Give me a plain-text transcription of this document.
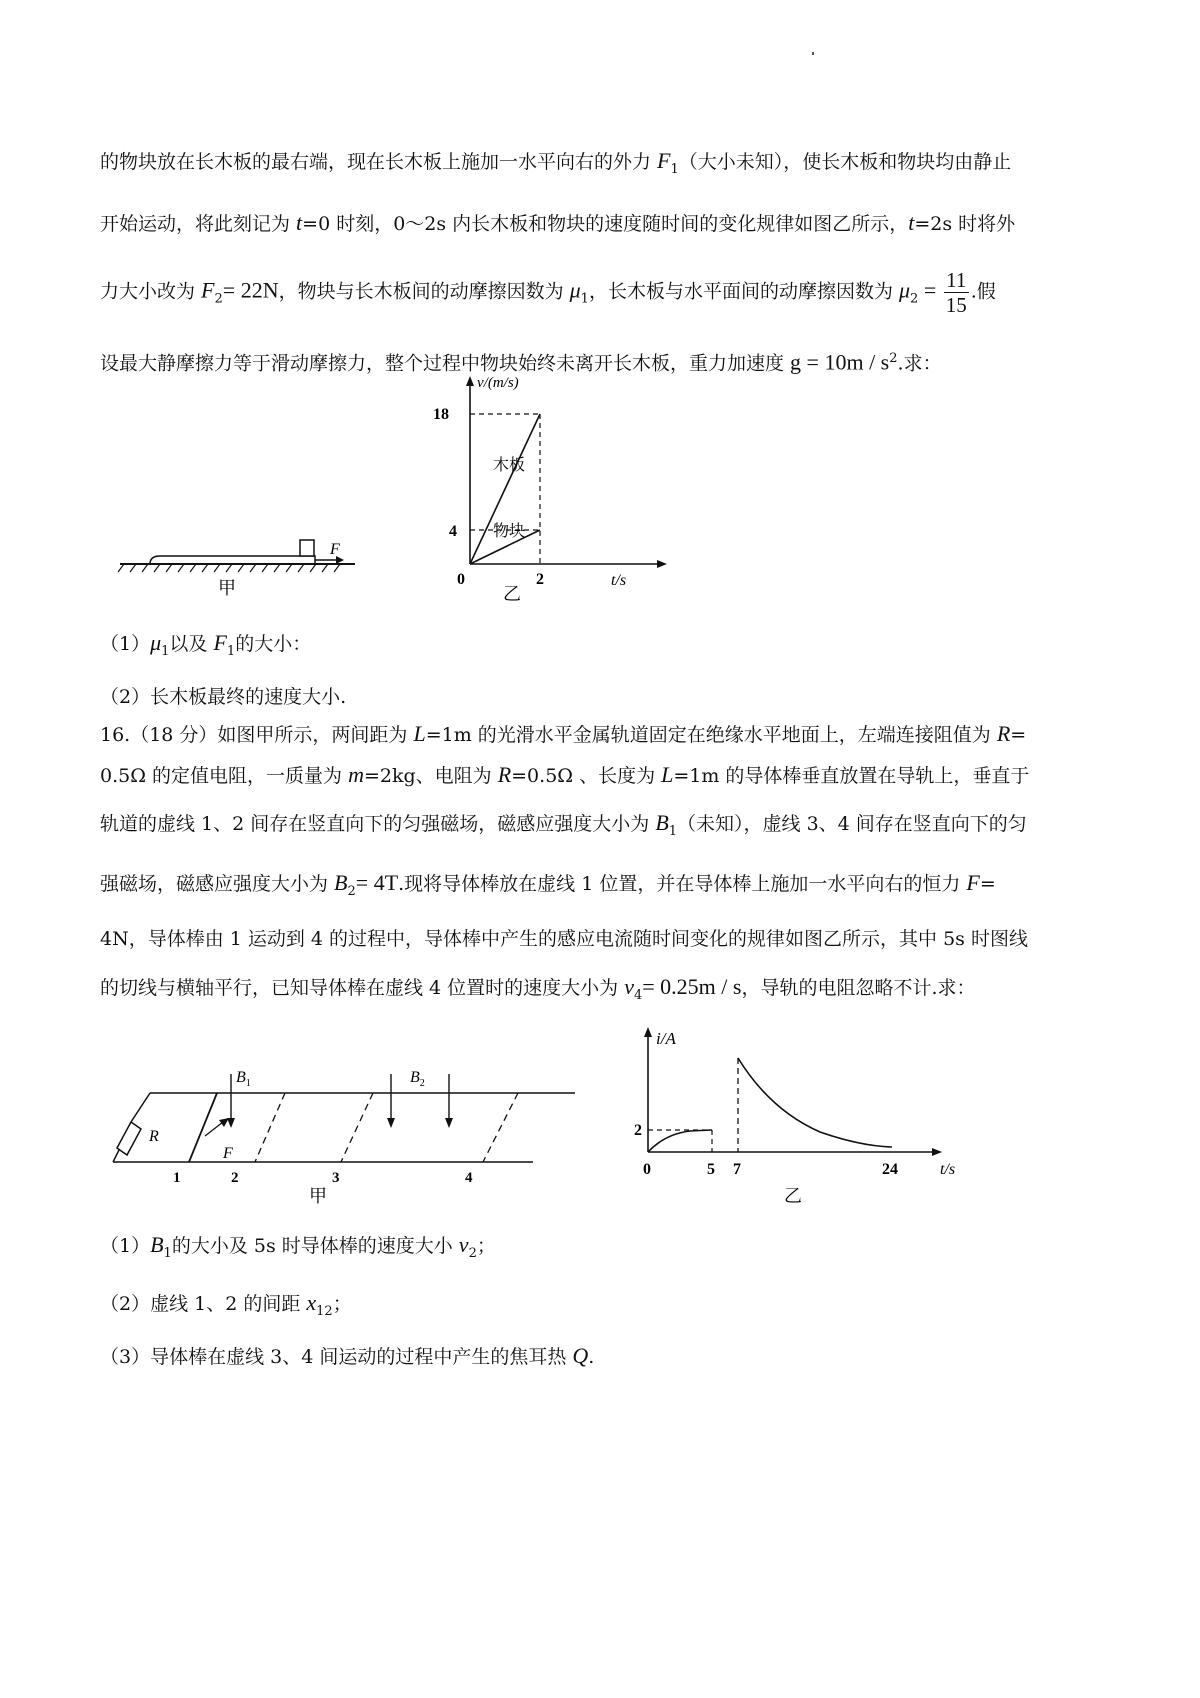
的物块放在长木板的最右端，现在长木板上施加一水平向右的外力 $F_1$（大小未知），使长木板和物块均由静止
开始运动，将此刻记为 t=0 时刻，0～2s 内长木板和物块的速度随时间的变化规律如图乙所示，t=2s 时将外
力大小改为 $F_2= 22N$，物块与长木板间的动摩擦因数为 $\mu_1$，长木板与水平面间的动摩擦因数为 $\mu_2 = \frac{11}{15}$ .假
设最大静摩擦力等于滑动摩擦力，整个过程中物块始终未离开长木板，重力加速度 $g = 10m / s^2$.求：
F
甲
v/(m/s)
t/s
18
4
0	2
木板
物块
乙
$(1)\mu_1$以及 $F_1$的大小：
（2）长木板最终的速度大小.
16.（18 分）如图甲所示，两间距为 L=1m 的光滑水平金属轨道固定在绝缘水平地面上，左端连接阻值为 R=
0.5Ω 的定值电阻，一质量为 m=2kg、电阻为 R=0.5Ω 、长度为 L=1m 的导体棒垂直放置在导轨上，垂直于
轨道的虚线 1、2 间存在竖直向下的匀强磁场，磁感应强度大小为 $B_1$（未知），虚线 3、4 间存在竖直向下的匀
强磁场，磁感应强度大小为 $B_2= 4T$.现将导体棒放在虚线 1 位置，并在导体棒上施加一水平向右的恒力 F=
4N，导体棒由 1 运动到 4 的过程中，导体棒中产生的感应电流随时间变化的规律如图乙所示，其中 5s 时图线
的切线与横轴平行，已知导体棒在虚线 4 位置时的速度大小为 $v_4= 0.25m / s$，导轨的电阻忽略不计.求：
R
F
$B_1$	$B_2$
1	2	3	4
甲
i/A
t/s
2
0	5 7	24
乙
$(1)B_1$的大小及 5s 时导体棒的速度大小 $v_2$；
（2）虚线 1、2 的间距 $x_{12}$；
（3）导体棒在虚线 3、4 间运动的过程中产生的焦耳热 Q.
